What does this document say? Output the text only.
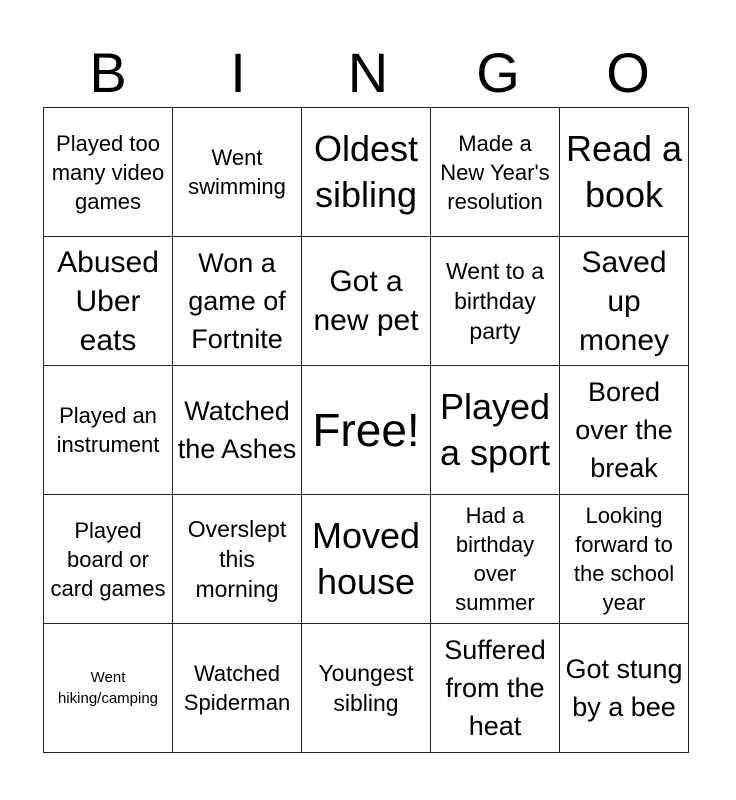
B	I	N	G	O
Played too many video games	Went swimming	Oldest sibling	Made a New Year's resolution	Read a book
Abused Uber eats	Won a game of Fortnite	Got a new pet	Went to a birthday party	Saved up money
Played an instrument	Watched the Ashes	Free!	Played a sport	Bored over the break
Played board or card games	Overslept this morning	Moved house	Had a birthday over summer	Looking forward to the school year
Went hiking/camping	Watched Spiderman	Youngest sibling	Suffered from the heat	Got stung by a bee
